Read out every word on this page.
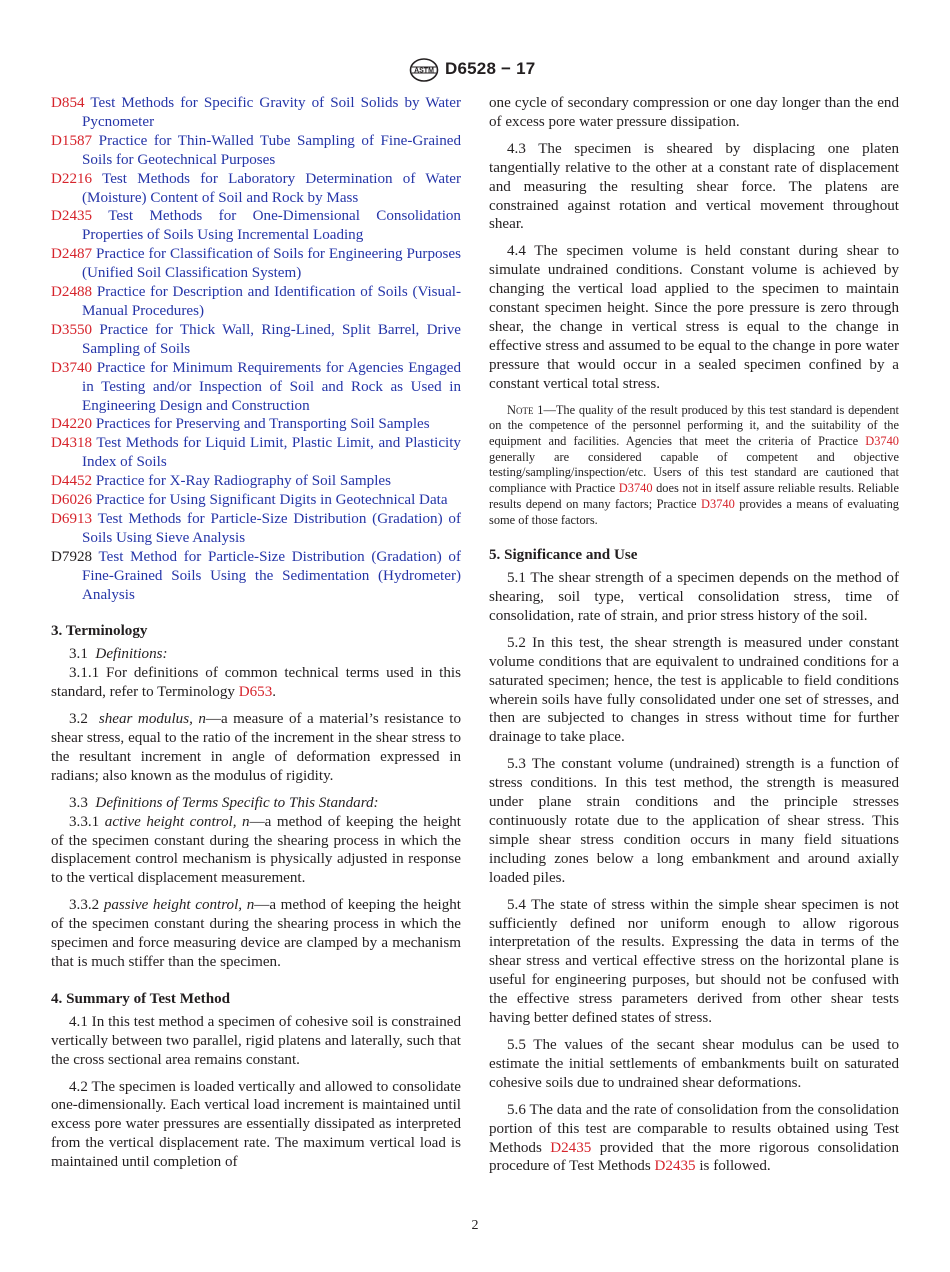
ASTM D6528 − 17

D854 Test Methods for Specific Gravity of Soil Solids by Water Pycnometer

D1587 Practice for Thin-Walled Tube Sampling of Fine-Grained Soils for Geotechnical Purposes

D2216 Test Methods for Laboratory Determination of Water (Moisture) Content of Soil and Rock by Mass

D2435 Test Methods for One-Dimensional Consolidation Properties of Soils Using Incremental Loading

D2487 Practice for Classification of Soils for Engineering Purposes (Unified Soil Classification System)

D2488 Practice for Description and Identification of Soils (Visual-Manual Procedures)

D3550 Practice for Thick Wall, Ring-Lined, Split Barrel, Drive Sampling of Soils

D3740 Practice for Minimum Requirements for Agencies Engaged in Testing and/or Inspection of Soil and Rock as Used in Engineering Design and Construction

D4220 Practices for Preserving and Transporting Soil Samples

D4318 Test Methods for Liquid Limit, Plastic Limit, and Plasticity Index of Soils

D4452 Practice for X-Ray Radiography of Soil Samples

D6026 Practice for Using Significant Digits in Geotechnical Data

D6913 Test Methods for Particle-Size Distribution (Gradation) of Soils Using Sieve Analysis

D7928 Test Method for Particle-Size Distribution (Gradation) of Fine-Grained Soils Using the Sedimentation (Hydrometer) Analysis

3. Terminology

3.1 Definitions:

3.1.1 For definitions of common technical terms used in this standard, refer to Terminology D653.

3.2 shear modulus, n—a measure of a material’s resistance to shear stress, equal to the ratio of the increment in the shear stress to the resultant increment in angle of deformation expressed in radians; also known as the modulus of rigidity.

3.3 Definitions of Terms Specific to This Standard:

3.3.1 active height control, n—a method of keeping the height of the specimen constant during the shearing process in which the displacement control mechanism is physically adjusted in response to the vertical displacement measurement.

3.3.2 passive height control, n—a method of keeping the height of the specimen constant during the shearing process in which the specimen and force measuring device are clamped by a mechanism that is much stiffer than the specimen.

4. Summary of Test Method

4.1 In this test method a specimen of cohesive soil is constrained vertically between two parallel, rigid platens and laterally, such that the cross sectional area remains constant.

4.2 The specimen is loaded vertically and allowed to consolidate one-dimensionally. Each vertical load increment is maintained until excess pore water pressures are essentially dissipated as interpreted from the vertical displacement rate. The maximum vertical load is maintained until completion of

one cycle of secondary compression or one day longer than the end of excess pore water pressure dissipation.

4.3 The specimen is sheared by displacing one platen tangentially relative to the other at a constant rate of displacement and measuring the resulting shear force. The platens are constrained against rotation and vertical movement throughout shear.

4.4 The specimen volume is held constant during shear to simulate undrained conditions. Constant volume is achieved by changing the vertical load applied to the specimen to maintain constant specimen height. Since the pore pressure is zero through shear, the change in vertical stress is equal to the change in effective stress and assumed to be equal to the change in pore water pressure that would occur in a sealed specimen confined by a constant vertical total stress.

Note 1—The quality of the result produced by this test standard is dependent on the competence of the personnel performing it, and the suitability of the equipment and facilities. Agencies that meet the criteria of Practice D3740 generally are considered capable of competent and objective testing/sampling/inspection/etc. Users of this test standard are cautioned that compliance with Practice D3740 does not in itself assure reliable results. Reliable results depend on many factors; Practice D3740 provides a means of evaluating some of those factors.

5. Significance and Use

5.1 The shear strength of a specimen depends on the method of shearing, soil type, vertical consolidation stress, time of consolidation, rate of strain, and prior stress history of the soil.

5.2 In this test, the shear strength is measured under constant volume conditions that are equivalent to undrained conditions for a saturated specimen; hence, the test is applicable to field conditions wherein soils have fully consolidated under one set of stresses, and then are subjected to changes in stress without time for further drainage to take place.

5.3 The constant volume (undrained) strength is a function of stress conditions. In this test method, the strength is measured under plane strain conditions and the principle stresses continuously rotate due to the application of shear stress. This simple shear stress condition occurs in many field situations including zones below a long embankment and around axially loaded piles.

5.4 The state of stress within the simple shear specimen is not sufficiently defined nor uniform enough to allow rigorous interpretation of the results. Expressing the data in terms of the shear stress and vertical effective stress on the horizontal plane is useful for engineering purposes, but should not be confused with the effective stress parameters derived from other shear tests having better defined states of stress.

5.5 The values of the secant shear modulus can be used to estimate the initial settlements of embankments built on saturated cohesive soils due to undrained shear deformations.

5.6 The data and the rate of consolidation from the consolidation portion of this test are comparable to results obtained using Test Methods D2435 provided that the more rigorous consolidation procedure of Test Methods D2435 is followed.

2
